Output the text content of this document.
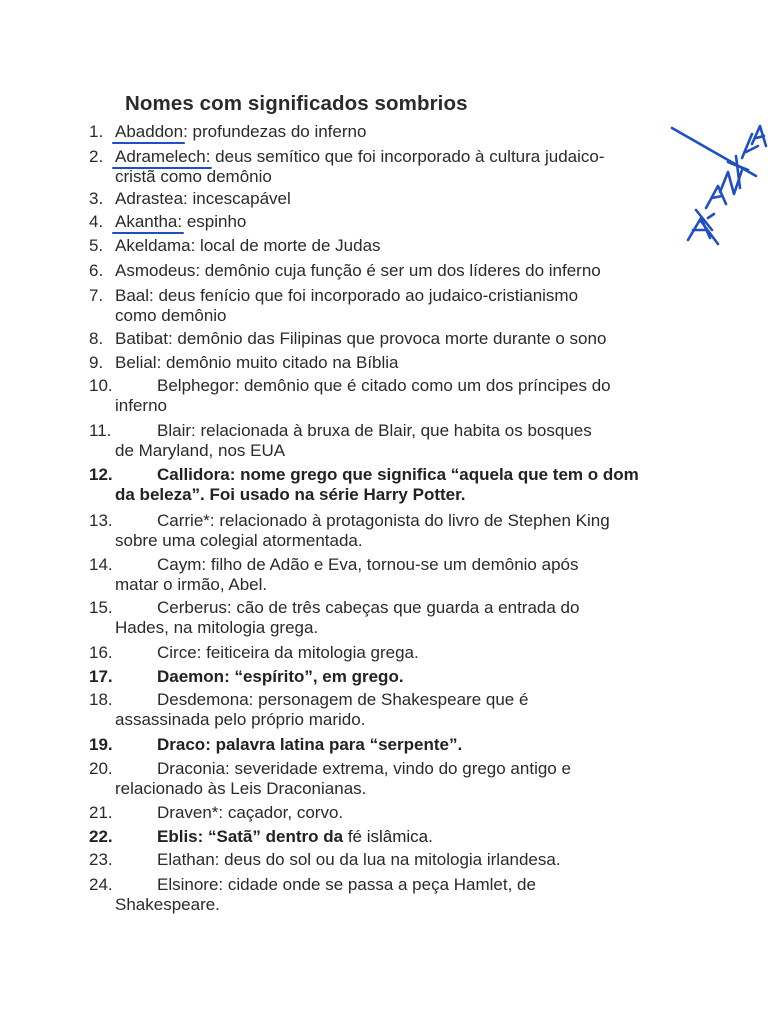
Nomes com significados sombrios
1. Abaddon
: profundezas do inferno
2. Adramelech:
deus semítico que foi incorporado à cultura judaico-
cristã como demônio
3. Adrastea: incescapável
4. Akantha:
espinho
5. Akeldama: local de morte de Judas
6. Asmodeus: demônio cuja função é ser um dos líderes do inferno
7. Baal: deus fenício que foi incorporado ao judaico-cristianismo
como demônio
8. Batibat: demônio das Filipinas que provoca morte durante o sono
9. Belial: demônio muito citado na Bíblia
10.	Belphegor: demônio que é citado como um dos príncipes do
inferno
11.	Blair: relacionada à bruxa de Blair, que habita os bosques
de Maryland, nos EUA
12.	Callidora: nome grego que significa “aquela que tem o dom
da beleza”. Foi usado na série Harry Potter.
13.	Carrie*: relacionado à protagonista do livro de Stephen King
sobre uma colegial atormentada.
14.	Caym: filho de Adão e Eva, tornou-se um demônio após
matar o irmão, Abel.
15.	Cerberus: cão de três cabeças que guarda a entrada do
Hades, na mitologia grega.
16.	Circe: feiticeira da mitologia grega.
17.	Daemon: “espírito”, em grego.
18.	Desdemona: personagem de Shakespeare que é
assassinada pelo próprio marido.
19.	Draco: palavra latina para “serpente”.
20.	Draconia: severidade extrema, vindo do grego antigo e
relacionado às Leis Draconianas.
21.	Draven*: caçador, corvo.
22.	Eblis: “Satã” dentro da fé islâmica.
23.	Elathan: deus do sol ou da lua na mitologia irlandesa.
24.	Elsinore: cidade onde se passa a peça Hamlet, de
Shakespeare.
